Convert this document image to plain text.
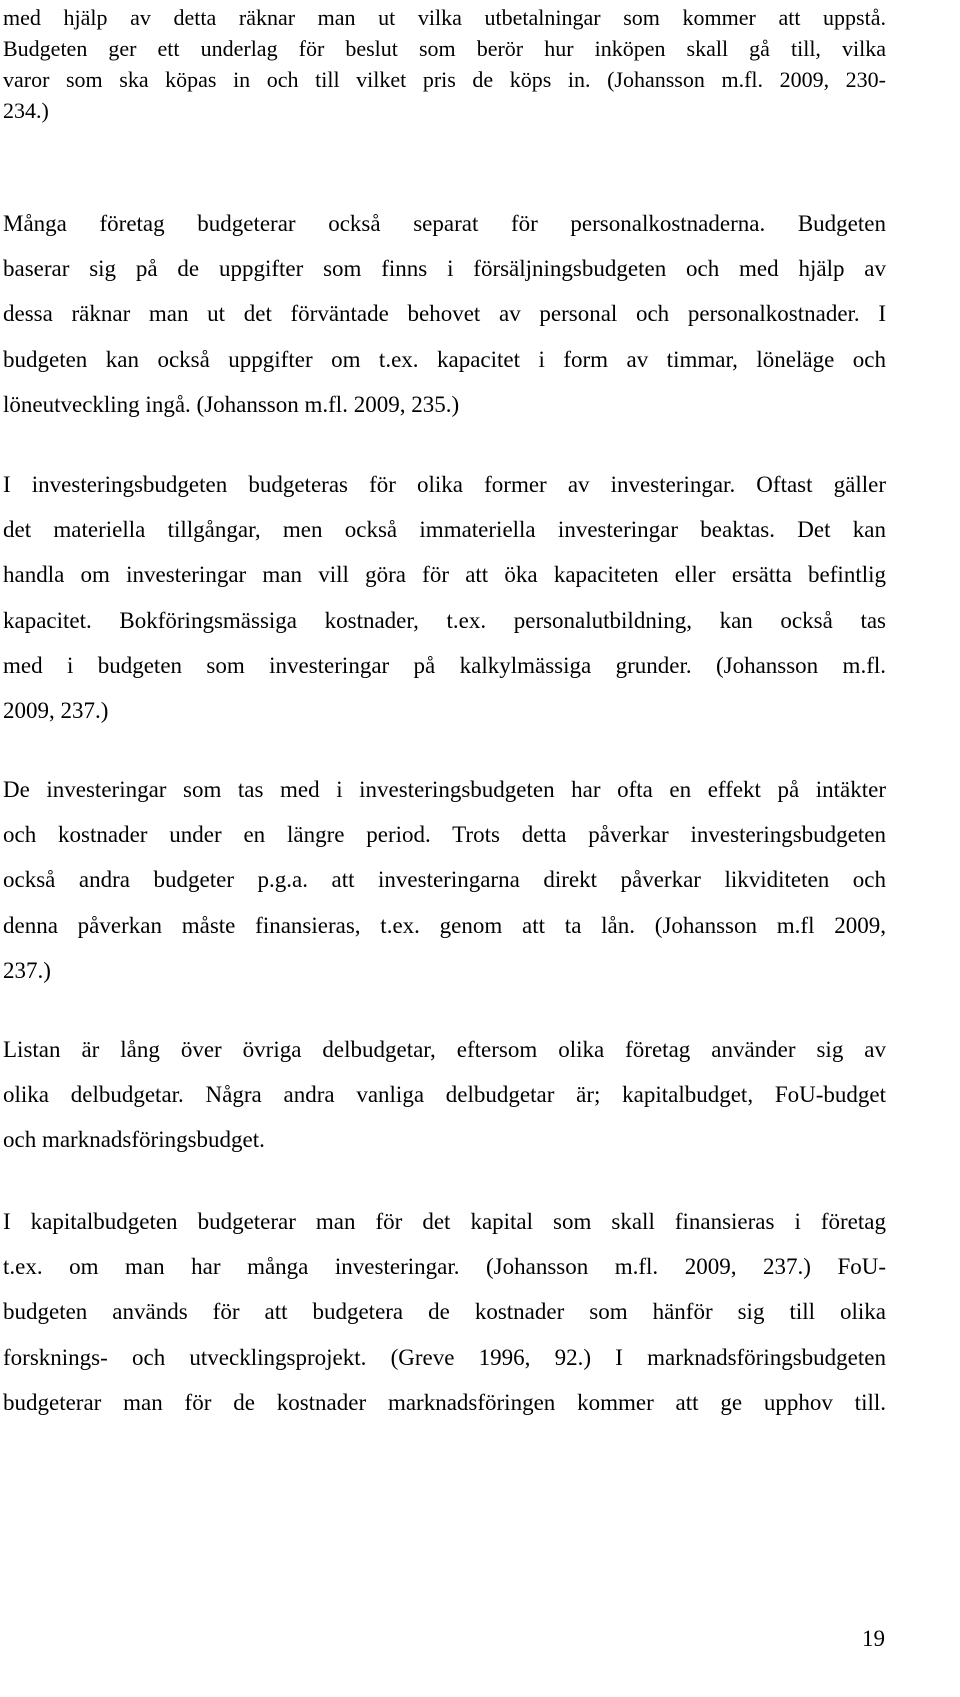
med hjälp av detta räknar man ut vilka utbetalningar som kommer att uppstå.
Budgeten ger ett underlag för beslut som berör hur inköpen skall gå till, vilka
varor som ska köpas in och till vilket pris de köps in. (Johansson m.fl. 2009, 230-
234.)
Många företag budgeterar också separat för personalkostnaderna. Budgeten
baserar sig på de uppgifter som finns i försäljningsbudgeten och med hjälp av
dessa räknar man ut det förväntade behovet av personal och personalkostnader. I
budgeten kan också uppgifter om t.ex. kapacitet i form av timmar, löneläge och
löneutveckling ingå. (Johansson m.fl. 2009, 235.)
I investeringsbudgeten budgeteras för olika former av investeringar. Oftast gäller
det materiella tillgångar, men också immateriella investeringar beaktas. Det kan
handla om investeringar man vill göra för att öka kapaciteten eller ersätta befintlig
kapacitet. Bokföringsmässiga kostnader, t.ex. personalutbildning, kan också tas
med i budgeten som investeringar på kalkylmässiga grunder. (Johansson m.fl.
2009, 237.)
De investeringar som tas med i investeringsbudgeten har ofta en effekt på intäkter
och kostnader under en längre period. Trots detta påverkar investeringsbudgeten
också andra budgeter p.g.a. att investeringarna direkt påverkar likviditeten och
denna påverkan måste finansieras, t.ex. genom att ta lån. (Johansson m.fl 2009,
237.)
Listan är lång över övriga delbudgetar, eftersom olika företag använder sig av
olika delbudgetar. Några andra vanliga delbudgetar är; kapitalbudget, FoU-budget
och marknadsföringsbudget.
I kapitalbudgeten budgeterar man för det kapital som skall finansieras i företag
t.ex. om man har många investeringar. (Johansson m.fl. 2009, 237.) FoU-
budgeten används för att budgetera de kostnader som hänför sig till olika
forsknings- och utvecklingsprojekt. (Greve 1996, 92.) I marknadsföringsbudgeten
budgeterar man för de kostnader marknadsföringen kommer att ge upphov till.
19
